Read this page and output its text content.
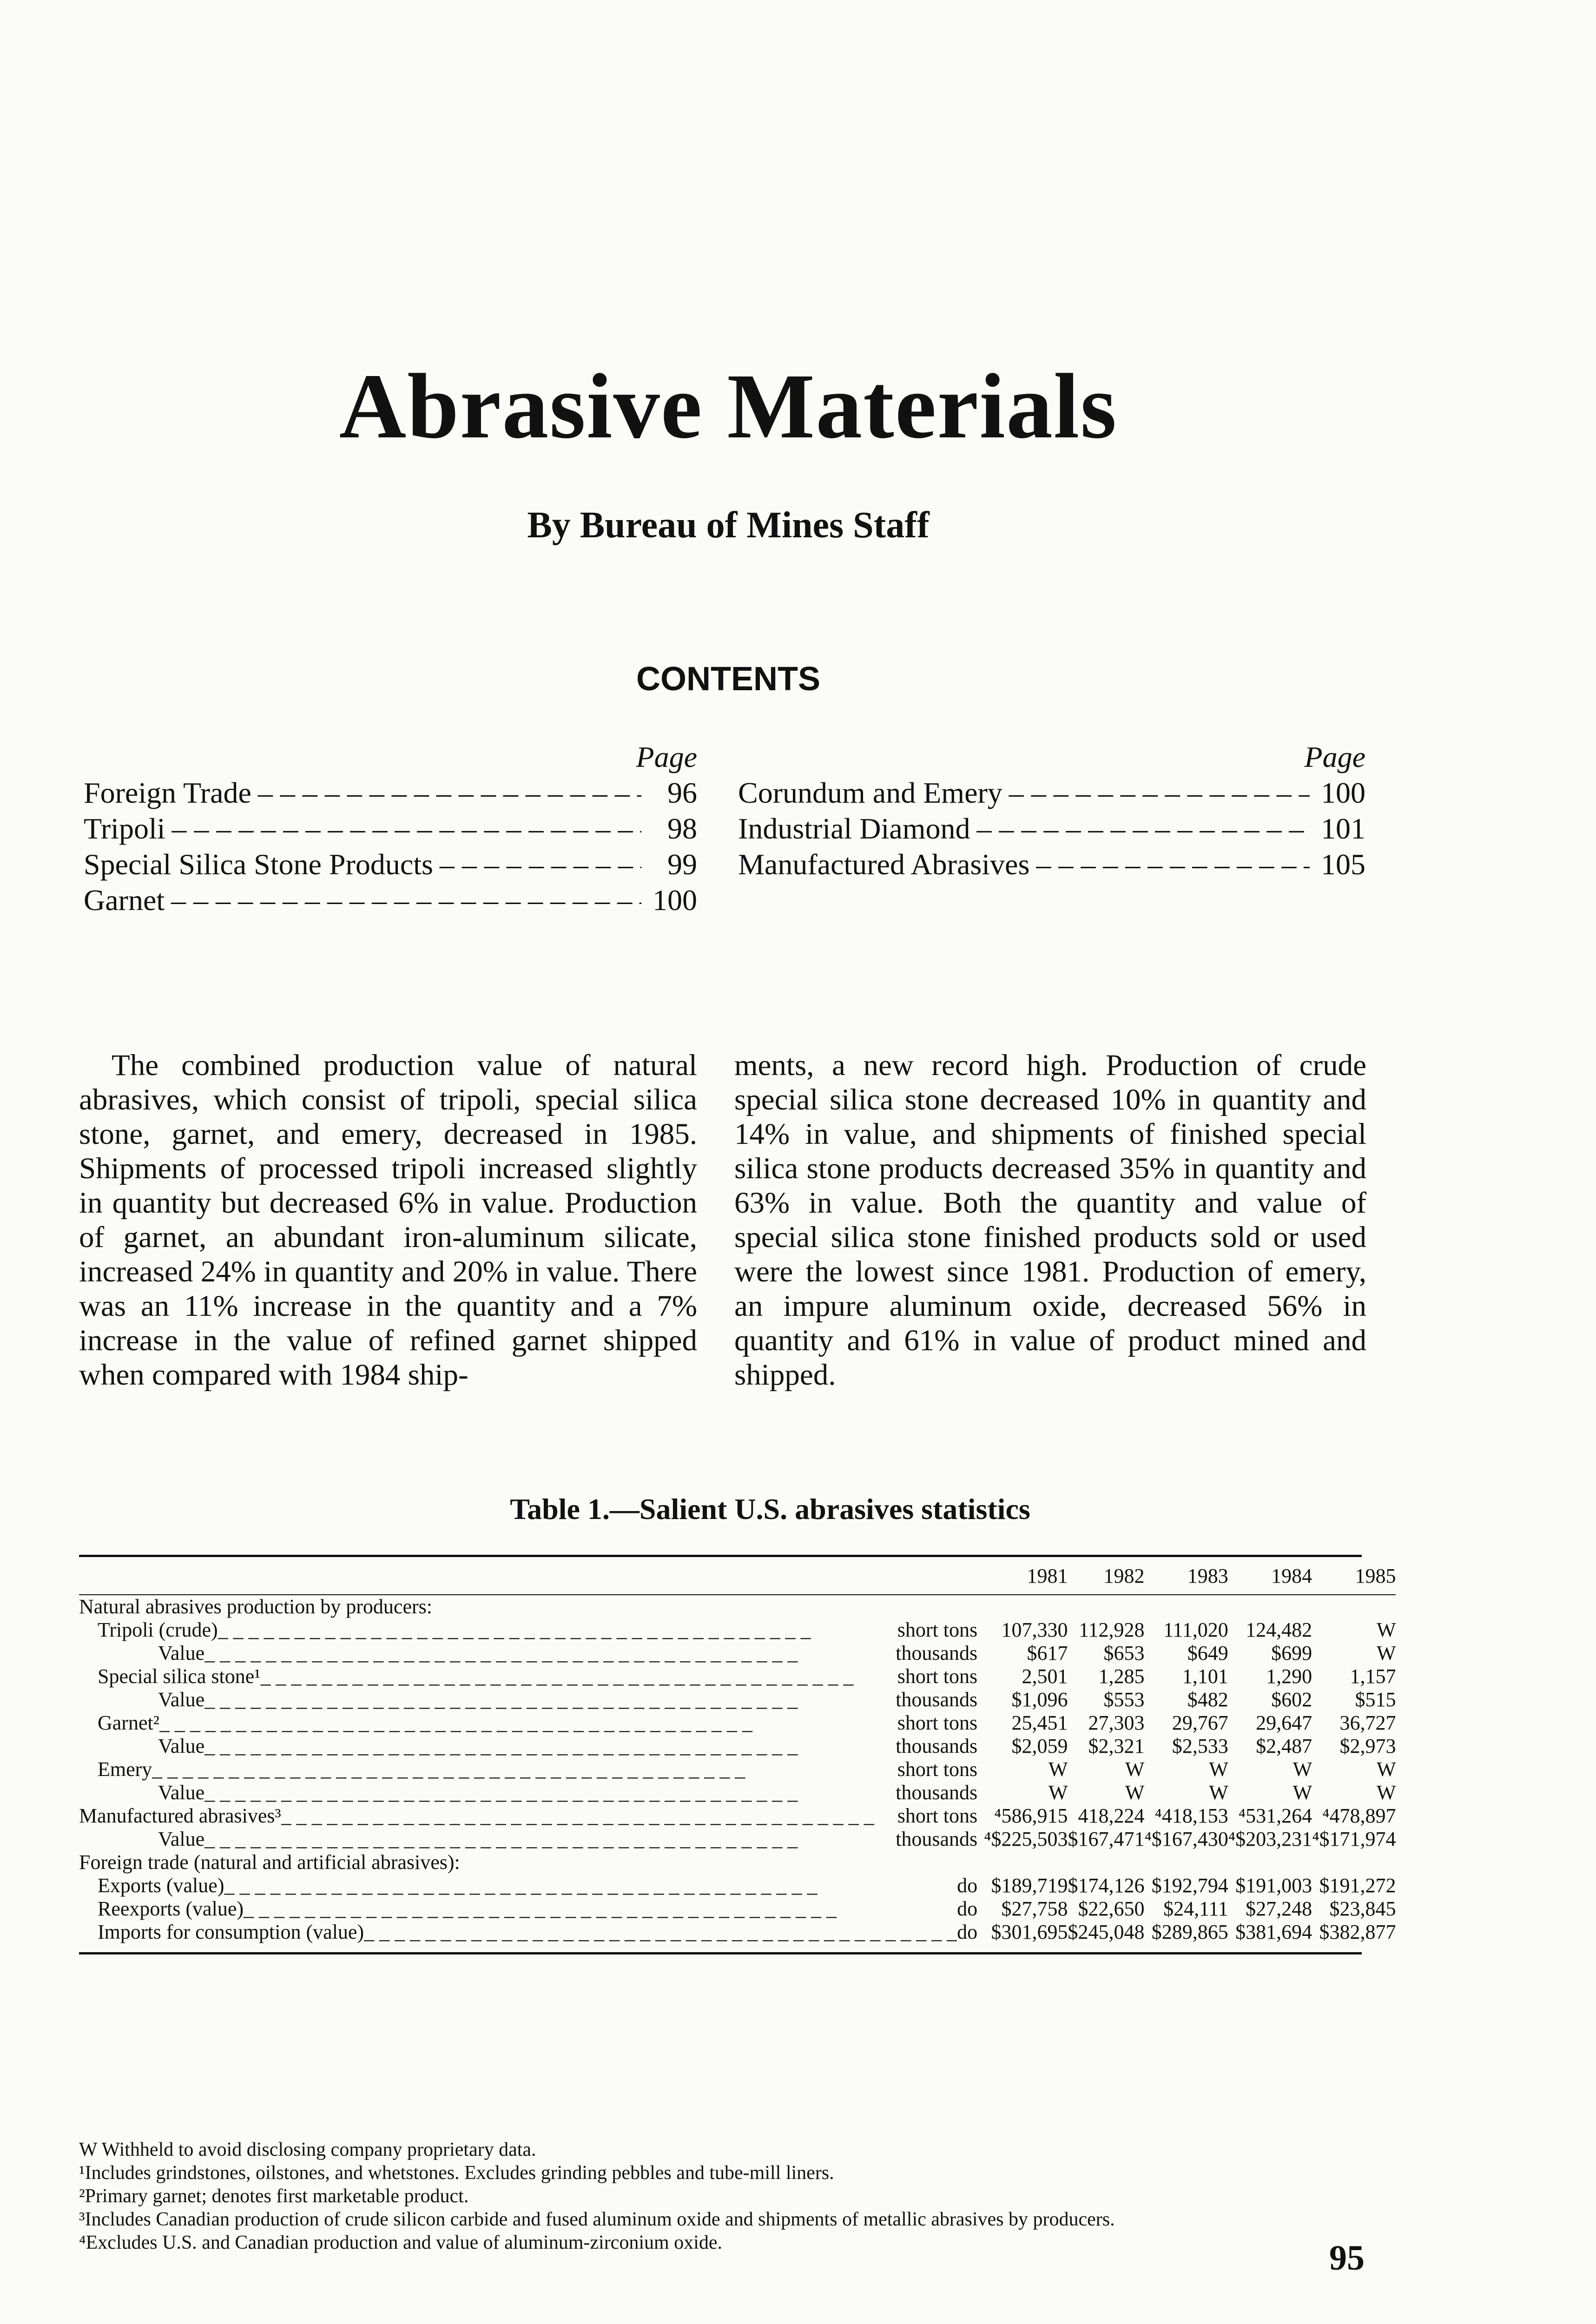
Abrasive Materials
By Bureau of Mines Staff
CONTENTS
Page
Foreign Trade – – –	96
Tripoli – – –	98
Special Silica Stone Products – – –	99
Garnet – – –	100
Page
Corundum and Emery – – –	100
Industrial Diamond – – –	101
Manufactured Abrasives – – –	105
The combined production value of natural abrasives, which consist of tripoli, special silica stone, garnet, and emery, decreased in 1985. Shipments of processed tripoli increased slightly in quantity but decreased 6% in value. Production of garnet, an abundant iron-aluminum silicate, increased 24% in quantity and 20% in value. There was an 11% increase in the quantity and a 7% increase in the value of refined garnet shipped when compared with 1984 ship-
ments, a new record high. Production of crude special silica stone decreased 10% in quantity and 14% in value, and shipments of finished special silica stone products decreased 35% in quantity and 63% in value. Both the quantity and value of special silica stone finished products sold or used were the lowest since 1981. Production of emery, an impure aluminum oxide, decreased 56% in quantity and 61% in value of product mined and shipped.
Table 1.—Salient U.S. abrasives statistics
	1981	1982	1983	1984	1985

Natural abrasives production by producers:					

Tripoli (crude) _ _ _ short tons	107,330	112,928	111,020	124,482	W

Value _ _ _ thousands	$617	$653	$649	$699	W

Special silica stone¹ _ _ _ short tons	2,501	1,285	1,101	1,290	1,157

Value _ _ _ thousands	$1,096	$553	$482	$602	$515

Garnet² _ _ _ short tons	25,451	27,303	29,767	29,647	36,727

Value _ _ _ thousands	$2,059	$2,321	$2,533	$2,487	$2,973

Emery _ _ _ short tons	W	W	W	W	W

Value _ _ _ thousands	W	W	W	W	W

Manufactured abrasives³ _ _ _ short tons	⁴586,915	418,224	⁴418,153	⁴531,264	⁴478,897

Value _ _ _ thousands	⁴$225,503	$167,471	⁴$167,430	⁴$203,231	⁴$171,974

Foreign trade (natural and artificial abrasives):					

Exports (value) _ _ _ do	$189,719	$174,126	$192,794	$191,003	$191,272

Reexports (value) _ _ _ do	$27,758	$22,650	$24,111	$27,248	$23,845

Imports for consumption (value) _ _ _ do	$301,695	$245,048	$289,865	$381,694	$382,877

W Withheld to avoid disclosing company proprietary data.

¹Includes grindstones, oilstones, and whetstones. Excludes grinding pebbles and tube-mill liners.

²Primary garnet; denotes first marketable product.

³Includes Canadian production of crude silicon carbide and fused aluminum oxide and shipments of metallic abrasives by producers.

⁴Excludes U.S. and Canadian production and value of aluminum-zirconium oxide.	95
